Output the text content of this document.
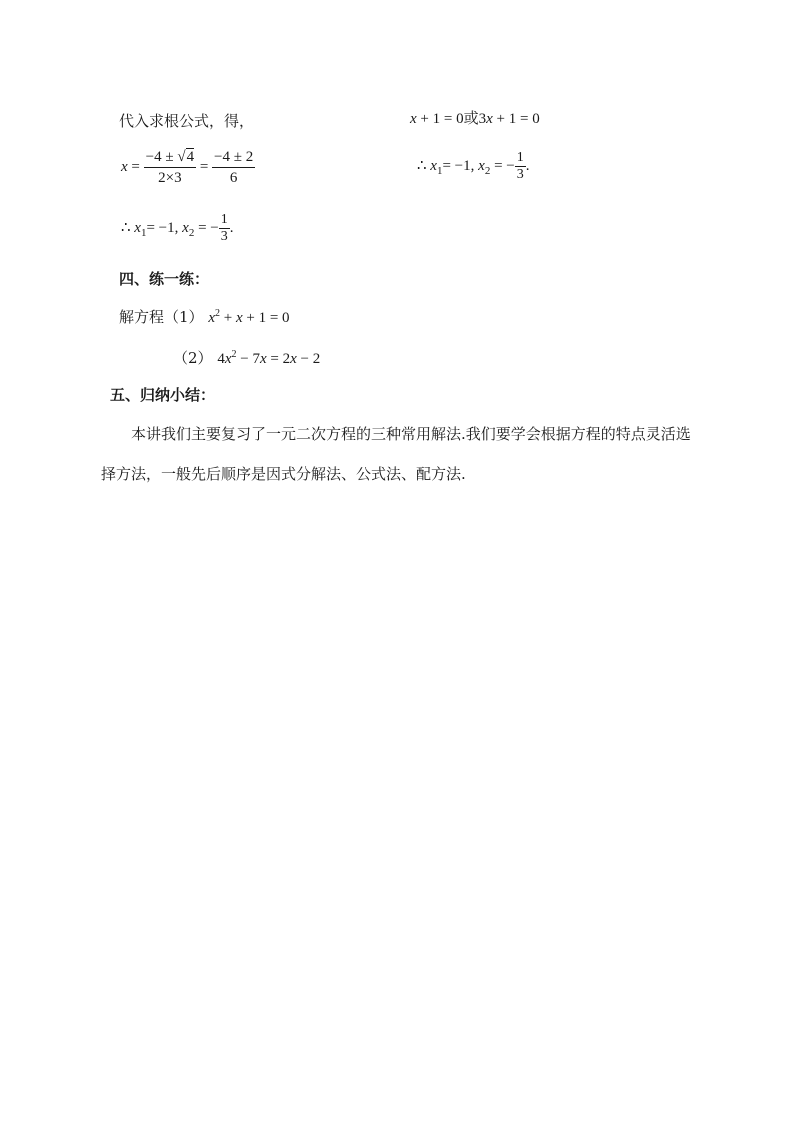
代入求根公式，得，
$x = \frac{-4 \pm √4}{2\times 3} = \frac{-4 \pm 2}{6}$
∴ $x_1= -1$, $x_2$ = − $\frac{1}{3}$ .
x + 1 = 0或3x + 1 = 0
∴ $x_1= -1$, $x_2$ = − $\frac{1}{3}$ .
四、练一练：
解方程（1） $x^2 + x + 1 = 0$
（2） $4x^2 - 7x = 2x - 2$
五、归纳小结：
本讲我们主要复习了一元二次方程的三种常用解法.我们要学会根据方程的特点灵活选择方法，一般先后顺序是因式分解法、公式法、配方法.
